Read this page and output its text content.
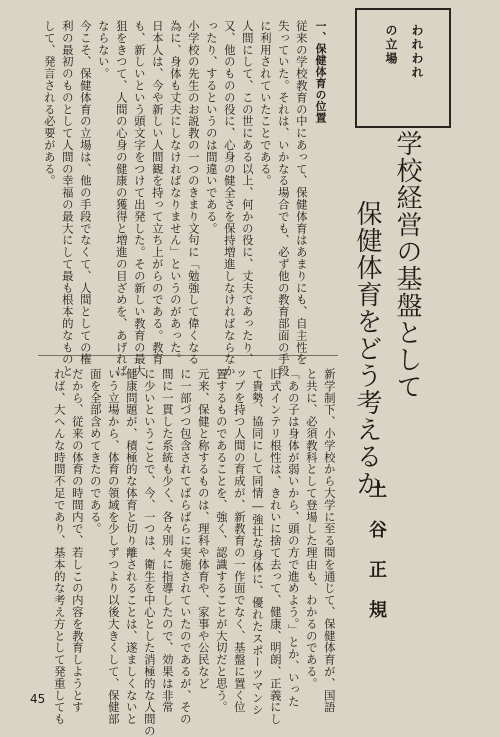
われわれ
の立場
学校経営の基盤として
保健体育をどう考えるか
土谷正規
一、保健体育の位置
従来の学校教育の中にあって、保健体育はあまりにも、自主性を
失っていた。それは、いかなる場合でも、必ず他の教育部面の手段
に利用されていたことである。
人間にして、この世にある以上、何かの役に、丈夫であったり、
又、他のものの役に、心身の健全さを保持増進しなければならなか
ったり、するというのは間違いである。
小学校の先生のお説教の一つのきまり文句に「勉強して偉くなる
為に、身体も丈夫にしなければなりません」というのがあった。
日本人は、今や新しい人間観を持って立ち上がらのである。教育
も、新しいという頭文字をつけて出発した。その新しい教育の最大
狙をきつて、人間の心身の健康の獲得と増進の目ざめを、あげれば
ならない。
今こそ、保健体育の立場は、他の手段でなくて、人間としての権
利の最初のものとして人間の幸福の最大にして最も根本的なものと
して、発言される必要がある。
新学制下、小学校から大学に至る間を通じて、保健体育が、国語
と共に、必須教科として登場した理由も、わかるのである。
「あの子は身体が弱いから、頭の方で進めよう。」とか、いった
旧式インテリ根性は、きれいに捨て去って、健康、明朗、正義にし
て貴勢、協同にして同情―強壮な身体に、優れたスポーツマンシ
ップを持つ人間の育成が、新教育の一作面でなく、基盤に置く位
置するものであることを、強く、認識することが大切だと思う。
元来、保健と称するものは、理科や体育や、家事や公民など
に一部づつ包含されてばらばらに実施されていたのであるが、その
間に一貫した系統も少く、各々別々に指導したので、効果は非常
に少いということで、今、一つは、衛生を中心とした消極的な人間の
健康問題が、積極的な体育と切り離されることは、遂ましくないと
いう立場から、体育の領域を少しずつより以後大きくして、保健部
面を全部含めてきたのである。
だから、従来の体育の時間内で、若しこの内容を教育しようとす
れば、大へんな時間不足であり、基本的な考え方として発重しても
45
